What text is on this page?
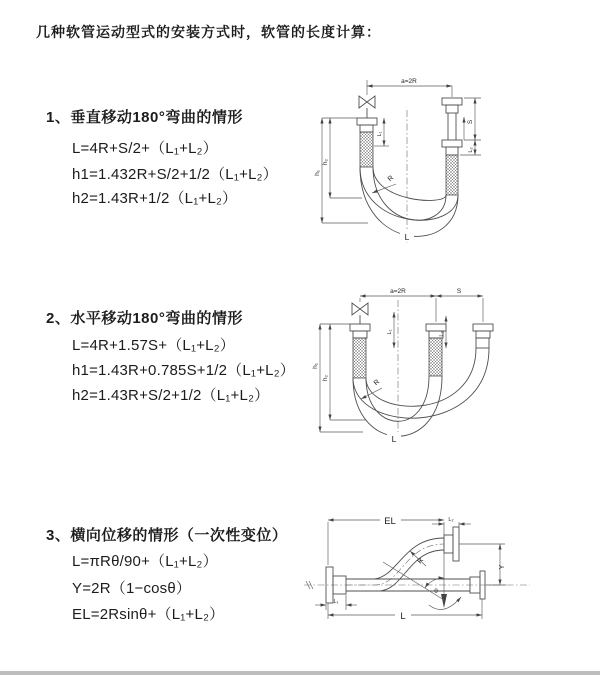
几种软管运动型式的安装方式时，软管的长度计算：
1、垂直移动180°弯曲的情形
L=4R+S/2+（L₁+L₂）
h1=1.432R+S/2+1/2（L₁+L₂）
h2=1.43R+1/2（L₁+L₂）
2、水平移动180°弯曲的情形
L=4R+1.57S+（L₁+L₂）
h1=1.43R+0.785S+1/2（L₁+L₂）
h2=1.43R+S/2+1/2（L₁+L₂）
3、横向位移的情形（一次性变位）
L=πRθ/90+（L₁+L₂）
Y=2R（1−cosθ）
EL=2Rsinθ+（L₁+L₂）
a=2R
h₁
h₂
L₁
S
L₂
R
L
a=2R	S
h₁
h₂
L₁	L₂
R
L
EL
θ
R
L₂
Y
L
L₁
